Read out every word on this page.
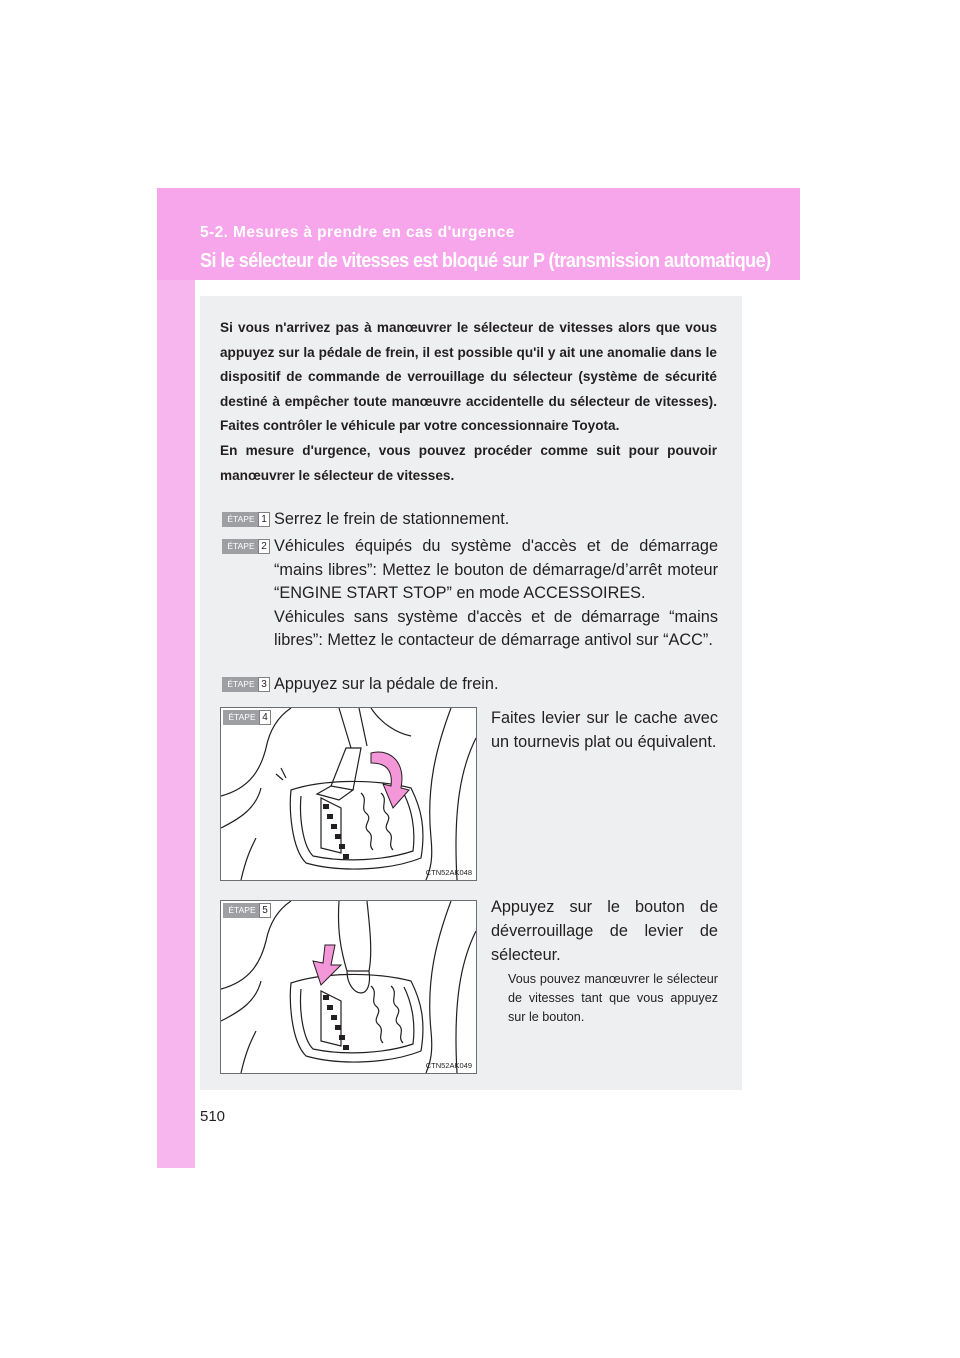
5-2. Mesures à prendre en cas d'urgence
Si le sélecteur de vitesses est bloqué sur P (transmission automatique)

Si vous n'arrivez pas à manœuvrer le sélecteur de vitesses alors que vous appuyez sur la pédale de frein, il est possible qu'il y ait une anomalie dans le dispositif de commande de verrouillage du sélecteur (système de sécurité destiné à empêcher toute manœuvre accidentelle du sélecteur de vitesses). Faites contrôler le véhicule par votre concessionnaire Toyota.

En mesure d'urgence, vous pouvez procéder comme suit pour pouvoir manœuvrer le sélecteur de vitesses.

ÉTAPE 1 Serrez le frein de stationnement.
ÉTAPE 2 Véhicules équipés du système d'accès et de démarrage “mains libres”: Mettez le bouton de démarrage/d’arrêt moteur “ENGINE START STOP” en mode ACCESSOIRES.

Véhicules sans système d'accès et de démarrage “mains libres”: Mettez le contacteur de démarrage antivol sur “ACC”.

ÉTAPE 3 Appuyez sur la pédale de frein.
ÉTAPE 4
CTN52AK048

Faites levier sur le cache avec un tournevis plat ou équivalent.

ÉTAPE 5
CTN52AK049

Appuyez sur le bouton de déverrouillage de levier de sélecteur.

Vous pouvez manœuvrer le sélecteur de vitesses tant que vous appuyez sur le bouton.
510
